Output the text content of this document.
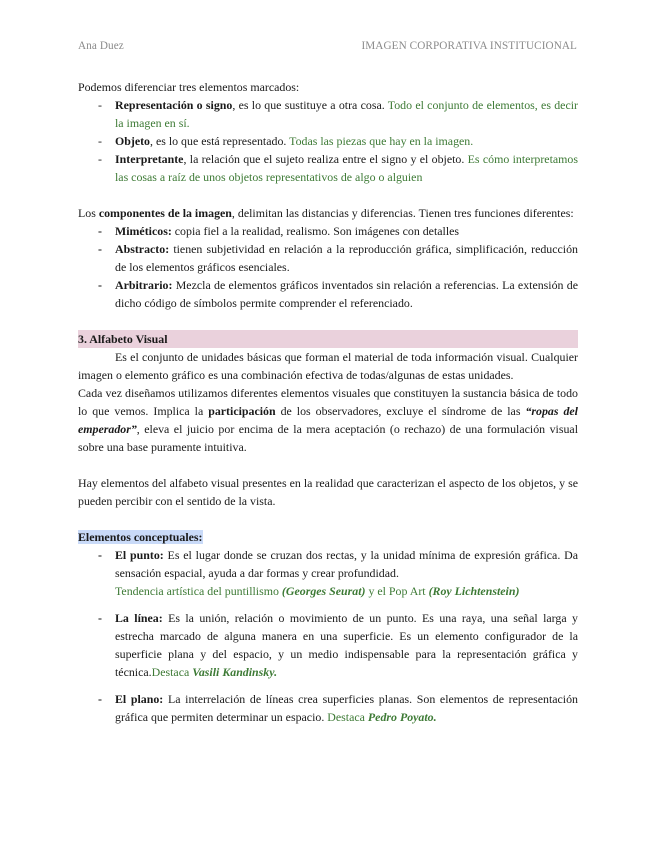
Ana Duez	IMAGEN CORPORATIVA INSTITUCIONAL

Podemos diferenciar tres elementos marcados:

- Representación o signo, es lo que sustituye a otra cosa. Todo el conjunto de elementos, es decir la imagen en sí.
- Objeto, es lo que está representado. Todas las piezas que hay en la imagen.
- Interpretante, la relación que el sujeto realiza entre el signo y el objeto. Es cómo interpretamos las cosas a raíz de unos objetos representativos de algo o alguien

Los componentes de la imagen, delimitan las distancias y diferencias. Tienen tres funciones diferentes:

- Miméticos: copia fiel a la realidad, realismo. Son imágenes con detalles
- Abstracto: tienen subjetividad en relación a la reproducción gráfica, simplificación, reducción de los elementos gráficos esenciales.
- Arbitrario: Mezcla de elementos gráficos inventados sin relación a referencias. La extensión de dicho código de símbolos permite comprender el referenciado.
3. Alfabeto Visual

Es el conjunto de unidades básicas que forman el material de toda información visual. Cualquier imagen o elemento gráfico es una combinación efectiva de todas/algunas de estas unidades.

Cada vez diseñamos utilizamos diferentes elementos visuales que constituyen la sustancia básica de todo lo que vemos. Implica la participación de los observadores, excluye el síndrome de las “ropas del emperador”, eleva el juicio por encima de la mera aceptación (o rechazo) de una formulación visual sobre una base puramente intuitiva.

Hay elementos del alfabeto visual presentes en la realidad que caracterizan el aspecto de los objetos, y se pueden percibir con el sentido de la vista.

Elementos conceptuales:
- El punto: Es el lugar donde se cruzan dos rectas, y la unidad mínima de expresión gráfica. Da sensación espacial, ayuda a dar formas y crear profundidad.
Tendencia artística del puntillismo (Georges Seurat) y el Pop Art (Roy Lichtenstein)
- La línea: Es la unión, relación o movimiento de un punto. Es una raya, una señal larga y estrecha marcado de alguna manera en una superficie. Es un elemento configurador de la superficie plana y del espacio, y un medio indispensable para la representación gráfica y técnica.Destaca Vasili Kandinsky.
- El plano: La interrelación de líneas crea superficies planas. Son elementos de representación gráfica que permiten determinar un espacio. Destaca Pedro Poyato.
